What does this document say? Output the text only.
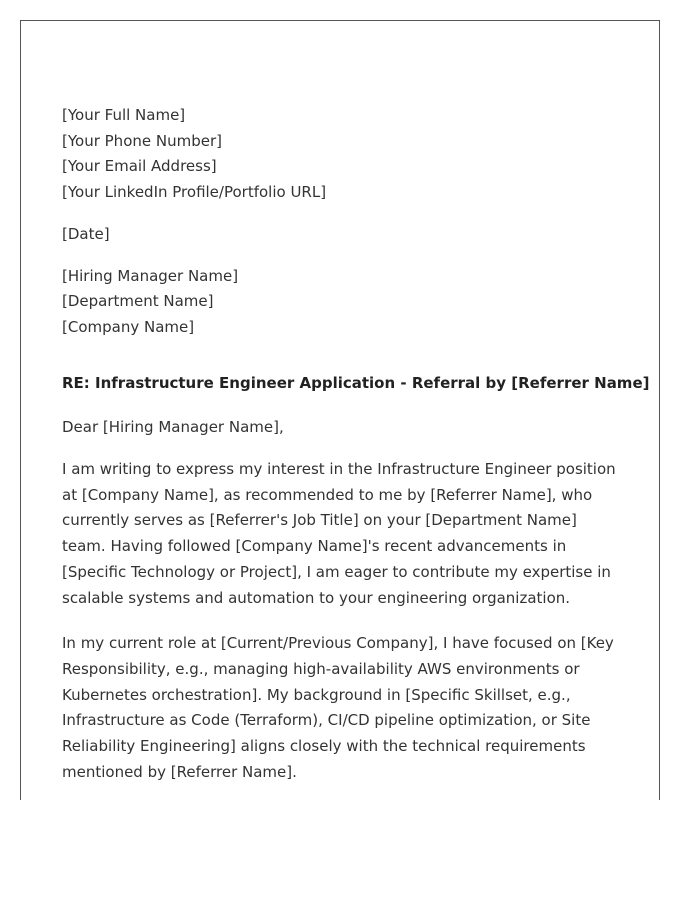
[Your Full Name]
[Your Phone Number]
[Your Email Address]
[Your LinkedIn Profile/Portfolio URL]
[Date]
[Hiring Manager Name]
[Department Name]
[Company Name]
RE: Infrastructure Engineer Application - Referral by [Referrer Name]
Dear [Hiring Manager Name],

I am writing to express my interest in the Infrastructure Engineer position at [Company Name], as recommended to me by [Referrer Name], who currently serves as [Referrer's Job Title] on your [Department Name] team. Having followed [Company Name]'s recent advancements in [Specific Technology or Project], I am eager to contribute my expertise in scalable systems and automation to your engineering organization.

In my current role at [Current/Previous Company], I have focused on [Key Responsibility, e.g., managing high-availability AWS environments or Kubernetes orchestration]. My background in [Specific Skillset, e.g., Infrastructure as Code (Terraform), CI/CD pipeline optimization, or Site Reliability Engineering] aligns closely with the technical requirements mentioned by [Referrer Name].
